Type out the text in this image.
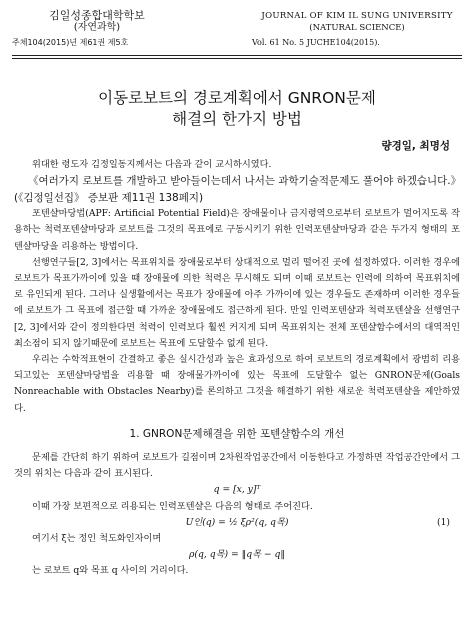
김일성종합대학학보
(자연과학)
주체104(2015)년 제61권 제5호
JOURNAL OF KIM IL SUNG UNIVERSITY
(NATURAL SCIENCE)
Vol. 61 No. 5 JUCHE104(2015).
이동로보트의 경로계획에서 GNRON문제
해결의 한가지 방법
량경일, 최명성

위대한 령도자 김정일동지께서는 다음과 같이 교시하시였다.

《여러가지 로보트를 개발하고 받아들이는데서 나서는 과학기술적문제도 풀어야 하겠습니다.》(《김정일선집》 증보판 제11권 138페지)

포텐샬마당법(APF: Artificial Potential Field)은 장애물이나 금지령역으로부터 로보트가 멀어지도록 작용하는 척력포텐샬마당과 로보트를 그것의 목표에로 구동시키기 위한 인력포텐샬마당과 같은 두가지 형태의 포텐샬마당을 리용하는 방법이다.

선행연구들[2, 3]에서는 목표위치를 장애물로부터 상대적으로 멀리 떨어진 곳에 설정하였다. 이러한 경우에 로보트가 목표가까이에 있을 때 장애물에 의한 척력은 무시해도 되며 이때 로보트는 인력에 의하여 목표위치에로 유인되게 된다. 그러나 실생활에서는 목표가 장애물에 아주 가까이에 있는 경우들도 존재하며 이러한 경우들에 로보트가 그 목표에 접근할 때 가까운 장애물에도 접근하게 된다. 만일 인력포텐샬과 척력포텐샬을 선행연구[2, 3]에서와 같이 정의한다면 척력이 인력보다 훨씬 커지게 되며 목표위치는 전체 포텐샬함수에서의 대역적인 최소점이 되지 않기때문에 로보트는 목표에 도달할수 없게 된다.

우리는 수학적표현이 간결하고 좋은 실시간성과 높은 효과성으로 하여 로보트의 경로계획에서 광범히 리용되고있는 포텐샬마당법을 리용할 때 장애물가까이에 있는 목표에 도달할수 없는 GNRON문제(Goals Nonreachable with Obstacles Nearby)를 론의하고 그것을 해결하기 위한 새로운 척력포텐샬을 제안하였다.

1. GNRON문제해결을 위한 포텐샬함수의 개선

문제를 간단히 하기 위하여 로보트가 길점이며 2차원작업공간에서 이동한다고 가정하면 작업공간안에서 그것의 위치는 다음과 같이 표시된다.

q = [x, y]ᵀ

이때 가장 보편적으로 리용되는 인력포텐샬은 다음의 형태로 주어진다.

U인(q) = ½ ξρ²(q, q목)	(1)

여기서 ξ는 정인 척도화인자이며

ρ(q, q목) = ‖q목 − q‖

는 로보트 q와 목표 q 사이의 거리이다.
